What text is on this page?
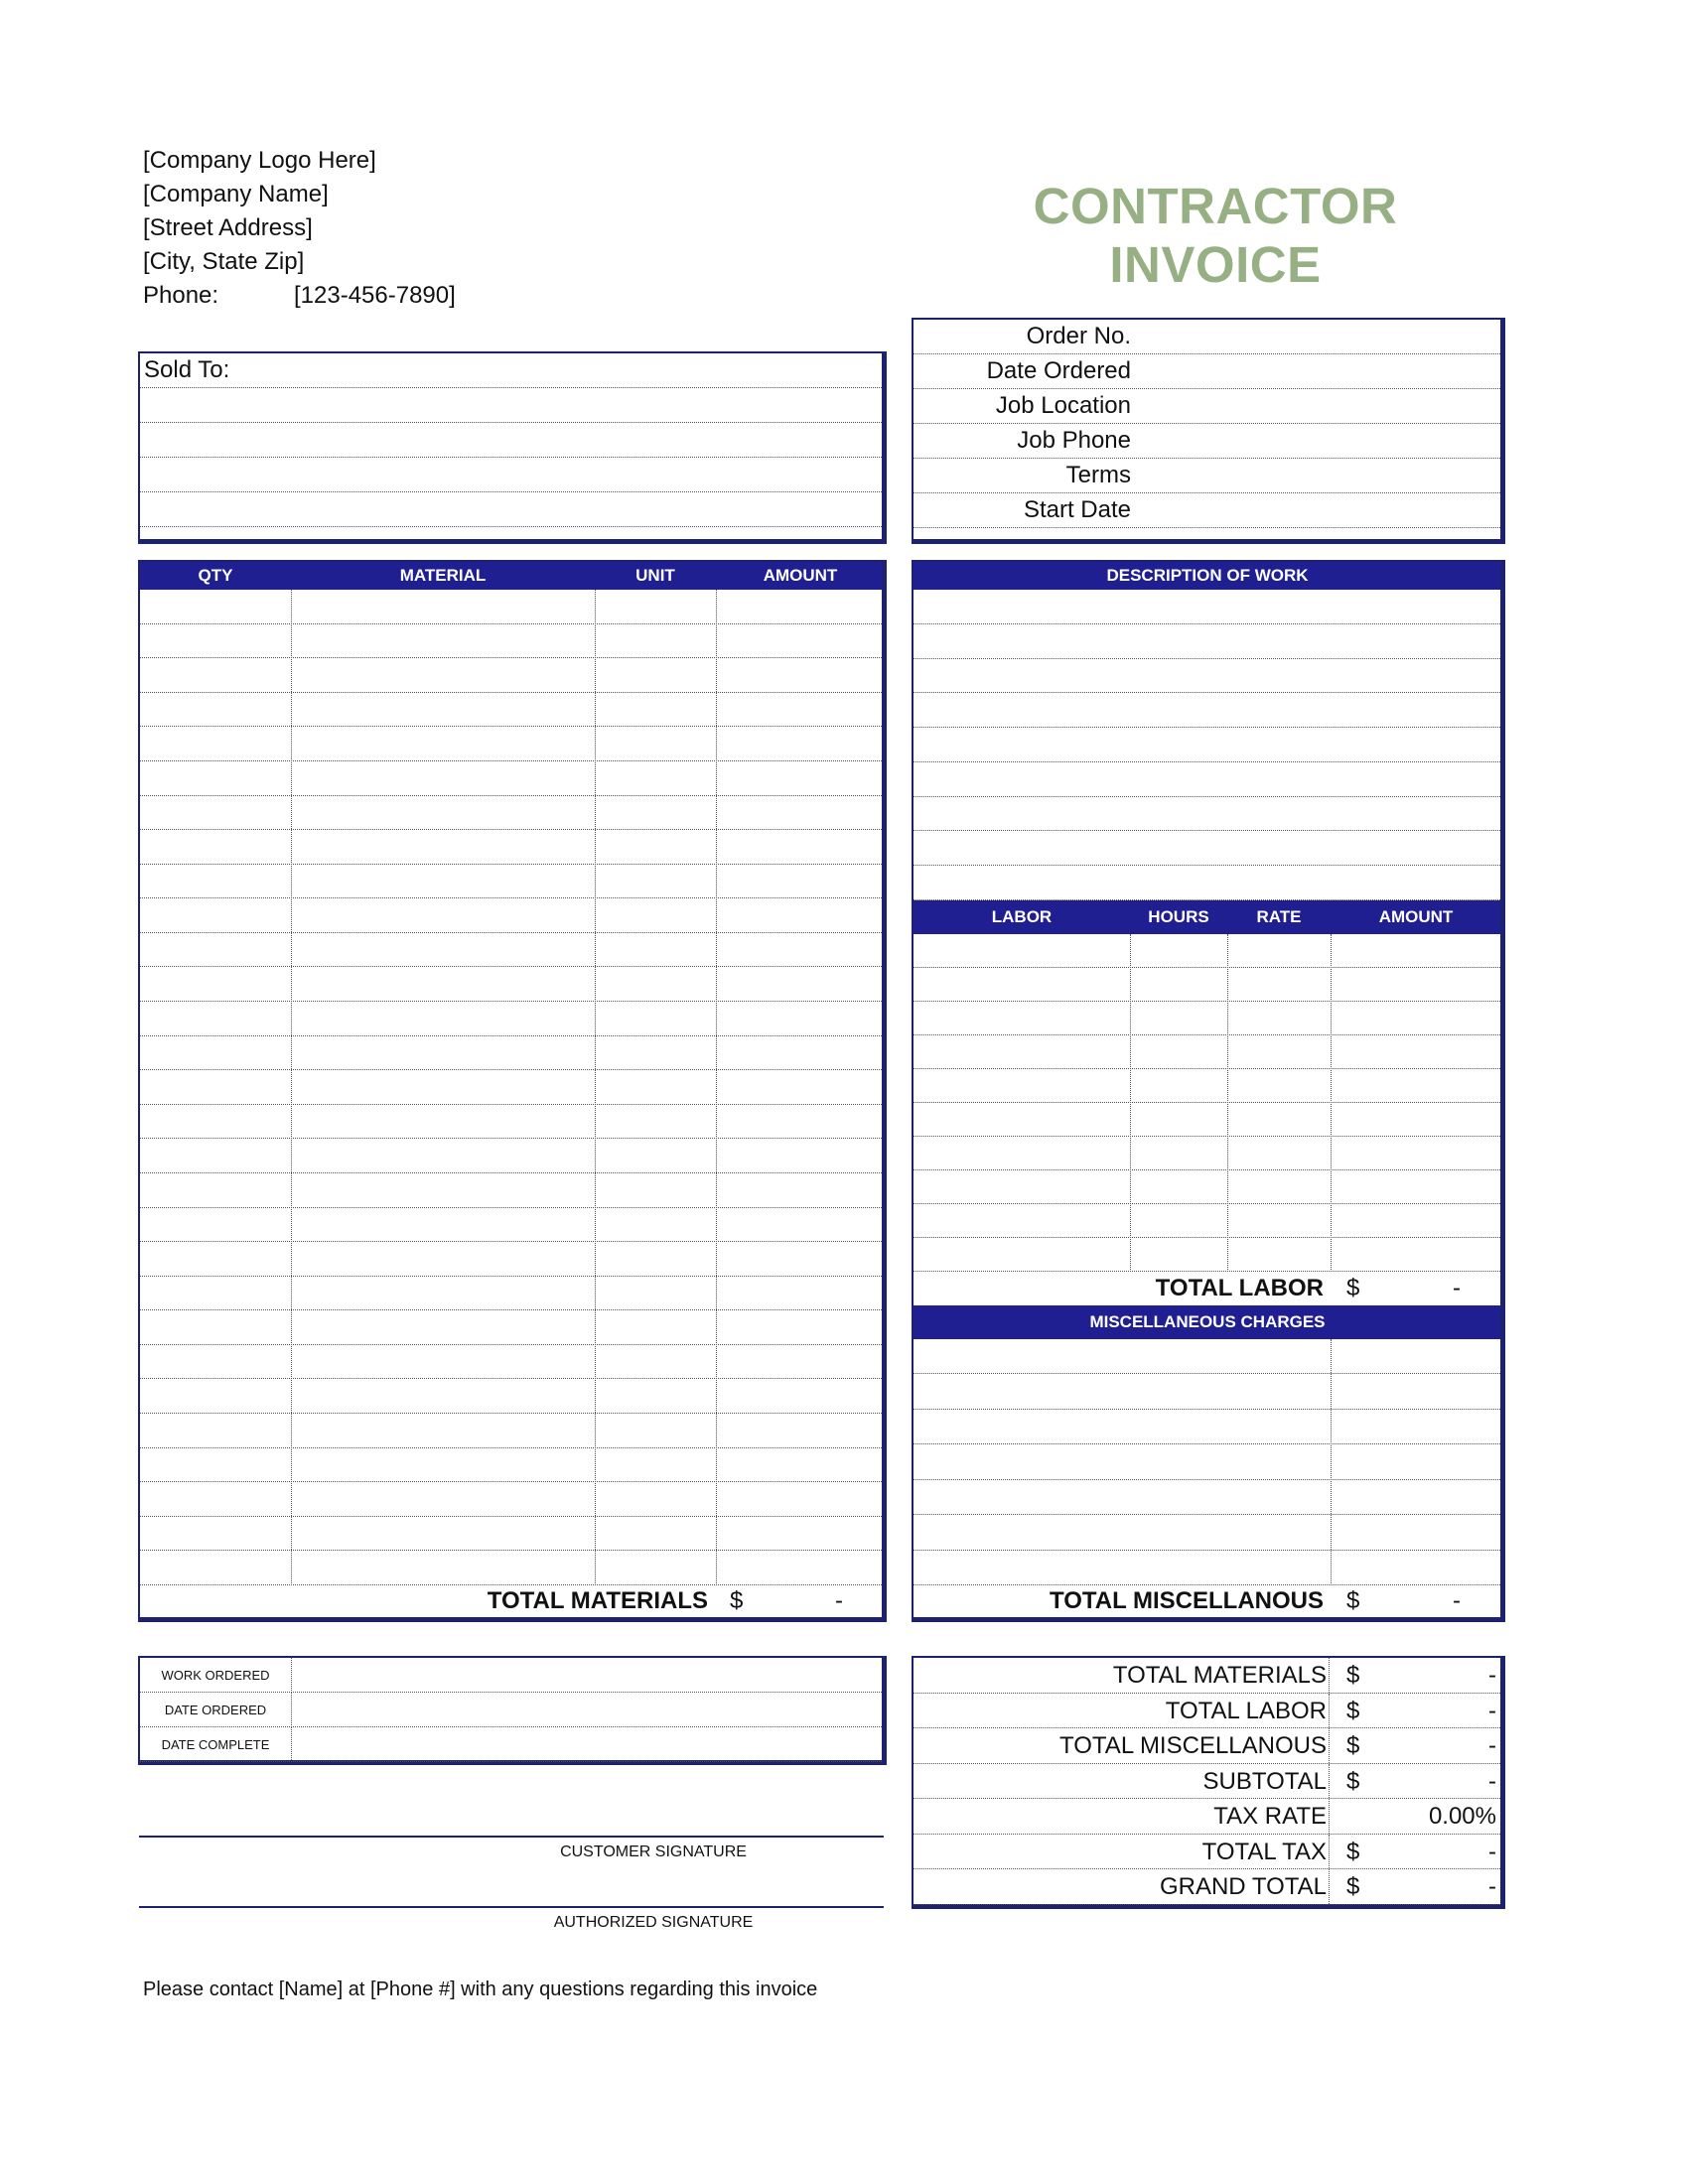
[Company Logo Here]
[Company Name]
[Street Address]
[City, State Zip]
Phone:	[123-456-7890]
CONTRACTOR INVOICE
Sold To:
Order No.
Date Ordered
Job Location
Job Phone
Terms
Start Date
QTY	MATERIAL	UNIT	AMOUNT
TOTAL MATERIALS $	-
DESCRIPTION OF WORK
LABOR	HOURS	RATE	AMOUNT
TOTAL LABOR $	-
MISCELLANEOUS CHARGES
TOTAL MISCELLANOUS $	-
WORK ORDERED
DATE ORDERED
DATE COMPLETE
TOTAL MATERIALS $	-
TOTAL LABOR $	-
TOTAL MISCELLANOUS $	-
SUBTOTAL $	-
TAX RATE	0.00%
TOTAL TAX $	-
GRAND TOTAL $	-
CUSTOMER SIGNATURE
AUTHORIZED SIGNATURE
Please contact [Name] at [Phone #] with any questions regarding this invoice
